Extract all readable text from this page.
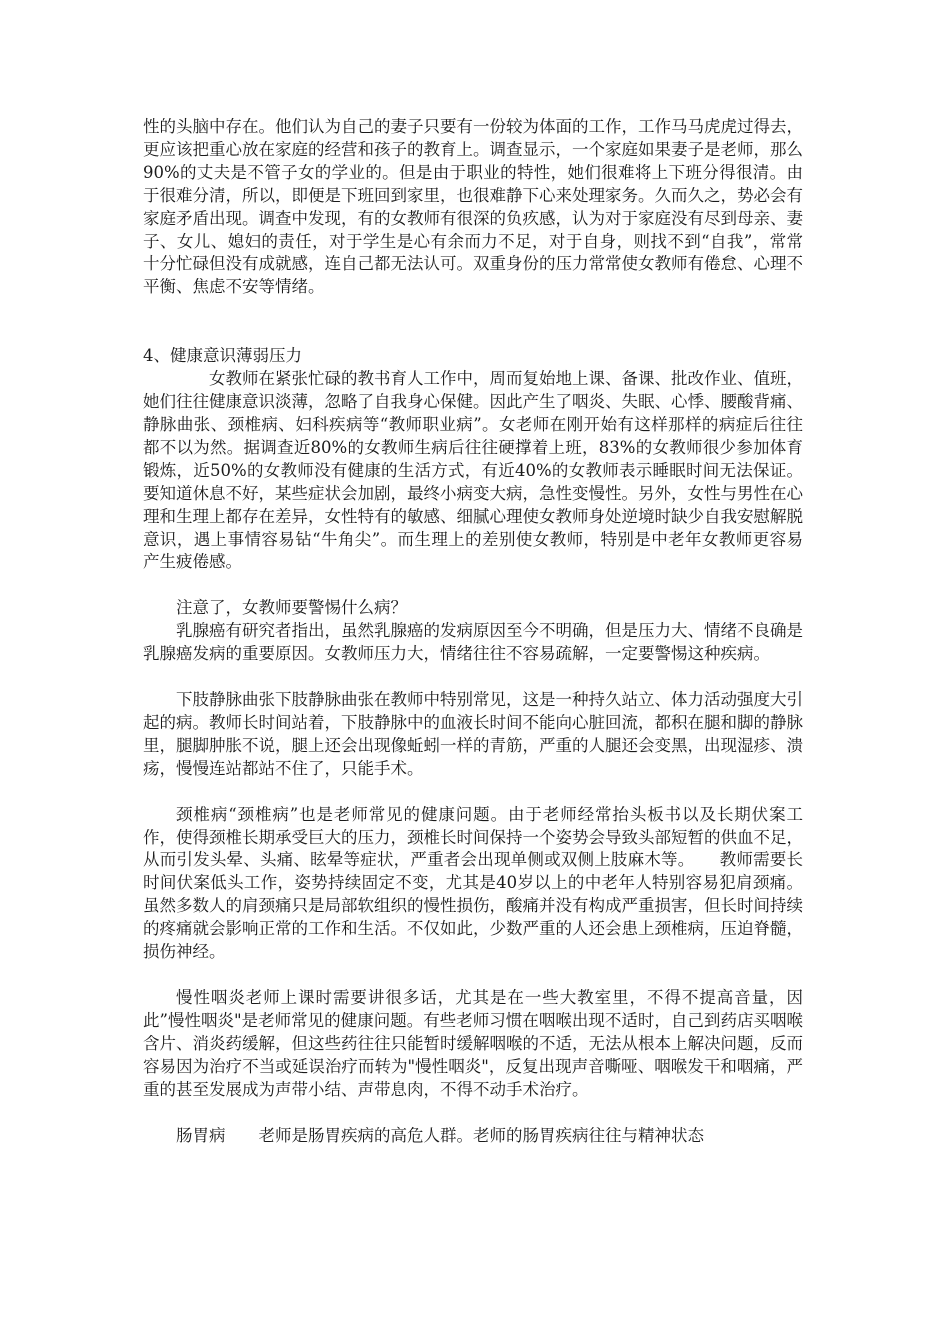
性的头脑中存在。他们认为自己的妻子只要有一份较为体面的工作，工作马马虎虎过得去，更应该把重心放在家庭的经营和孩子的教育上。调查显示，一个家庭如果妻子是老师，那么90%的丈夫是不管子女的学业的。但是由于职业的特性，她们很难将上下班分得很清。由于很难分清，所以，即便是下班回到家里，也很难静下心来处理家务。久而久之，势必会有家庭矛盾出现。调查中发现，有的女教师有很深的负疚感，认为对于家庭没有尽到母亲、妻子、女儿、媳妇的责任，对于学生是心有余而力不足，对于自身，则找不到“自我”，常常十分忙碌但没有成就感，连自己都无法认可。双重身份的压力常常使女教师有倦怠、心理不平衡、焦虑不安等情绪。

4、健康意识薄弱压力

女教师在紧张忙碌的教书育人工作中，周而复始地上课、备课、批改作业、值班，她们往往健康意识淡薄，忽略了自我身心保健。因此产生了咽炎、失眠、心悸、腰酸背痛、静脉曲张、颈椎病、妇科疾病等“教师职业病”。女老师在刚开始有这样那样的病症后往往都不以为然。据调查近80%的女教师生病后往往硬撑着上班，83%的女教师很少参加体育锻炼，近50%的女教师没有健康的生活方式，有近40%的女教师表示睡眠时间无法保证。要知道休息不好，某些症状会加剧，最终小病变大病，急性变慢性。另外，女性与男性在心理和生理上都存在差异，女性特有的敏感、细腻心理使女教师身处逆境时缺少自我安慰解脱意识，遇上事情容易钻“牛角尖”。而生理上的差别使女教师，特别是中老年女教师更容易产生疲倦感。

注意了，女教师要警惕什么病？

乳腺癌有研究者指出，虽然乳腺癌的发病原因至今不明确，但是压力大、情绪不良确是乳腺癌发病的重要原因。女教师压力大，情绪往往不容易疏解，一定要警惕这种疾病。

下肢静脉曲张下肢静脉曲张在教师中特别常见，这是一种持久站立、体力活动强度大引起的病。教师长时间站着，下肢静脉中的血液长时间不能向心脏回流，都积在腿和脚的静脉里，腿脚肿胀不说，腿上还会出现像蚯蚓一样的青筋，严重的人腿还会变黑，出现湿疹、溃疡，慢慢连站都站不住了，只能手术。

颈椎病“颈椎病”也是老师常见的健康问题。由于老师经常抬头板书以及长期伏案工作，使得颈椎长期承受巨大的压力，颈椎长时间保持一个姿势会导致头部短暂的供血不足，从而引发头晕、头痛、眩晕等症状，严重者会出现单侧或双侧上肢麻木等。　　教师需要长时间伏案低头工作，姿势持续固定不变，尤其是40岁以上的中老年人特别容易犯肩颈痛。虽然多数人的肩颈痛只是局部软组织的慢性损伤，酸痛并没有构成严重损害，但长时间持续的疼痛就会影响正常的工作和生活。不仅如此，少数严重的人还会患上颈椎病，压迫脊髓，损伤神经。

慢性咽炎老师上课时需要讲很多话，尤其是在一些大教室里，不得不提高音量，因此”慢性咽炎"是老师常见的健康问题。有些老师习惯在咽喉出现不适时，自己到药店买咽喉含片、消炎药缓解，但这些药往往只能暂时缓解咽喉的不适，无法从根本上解决问题，反而容易因为治疗不当或延误治疗而转为"慢性咽炎"，反复出现声音嘶哑、咽喉发干和咽痛，严重的甚至发展成为声带小结、声带息肉，不得不动手术治疗。

肠胃病　　老师是肠胃疾病的高危人群。老师的肠胃疾病往往与精神状态
